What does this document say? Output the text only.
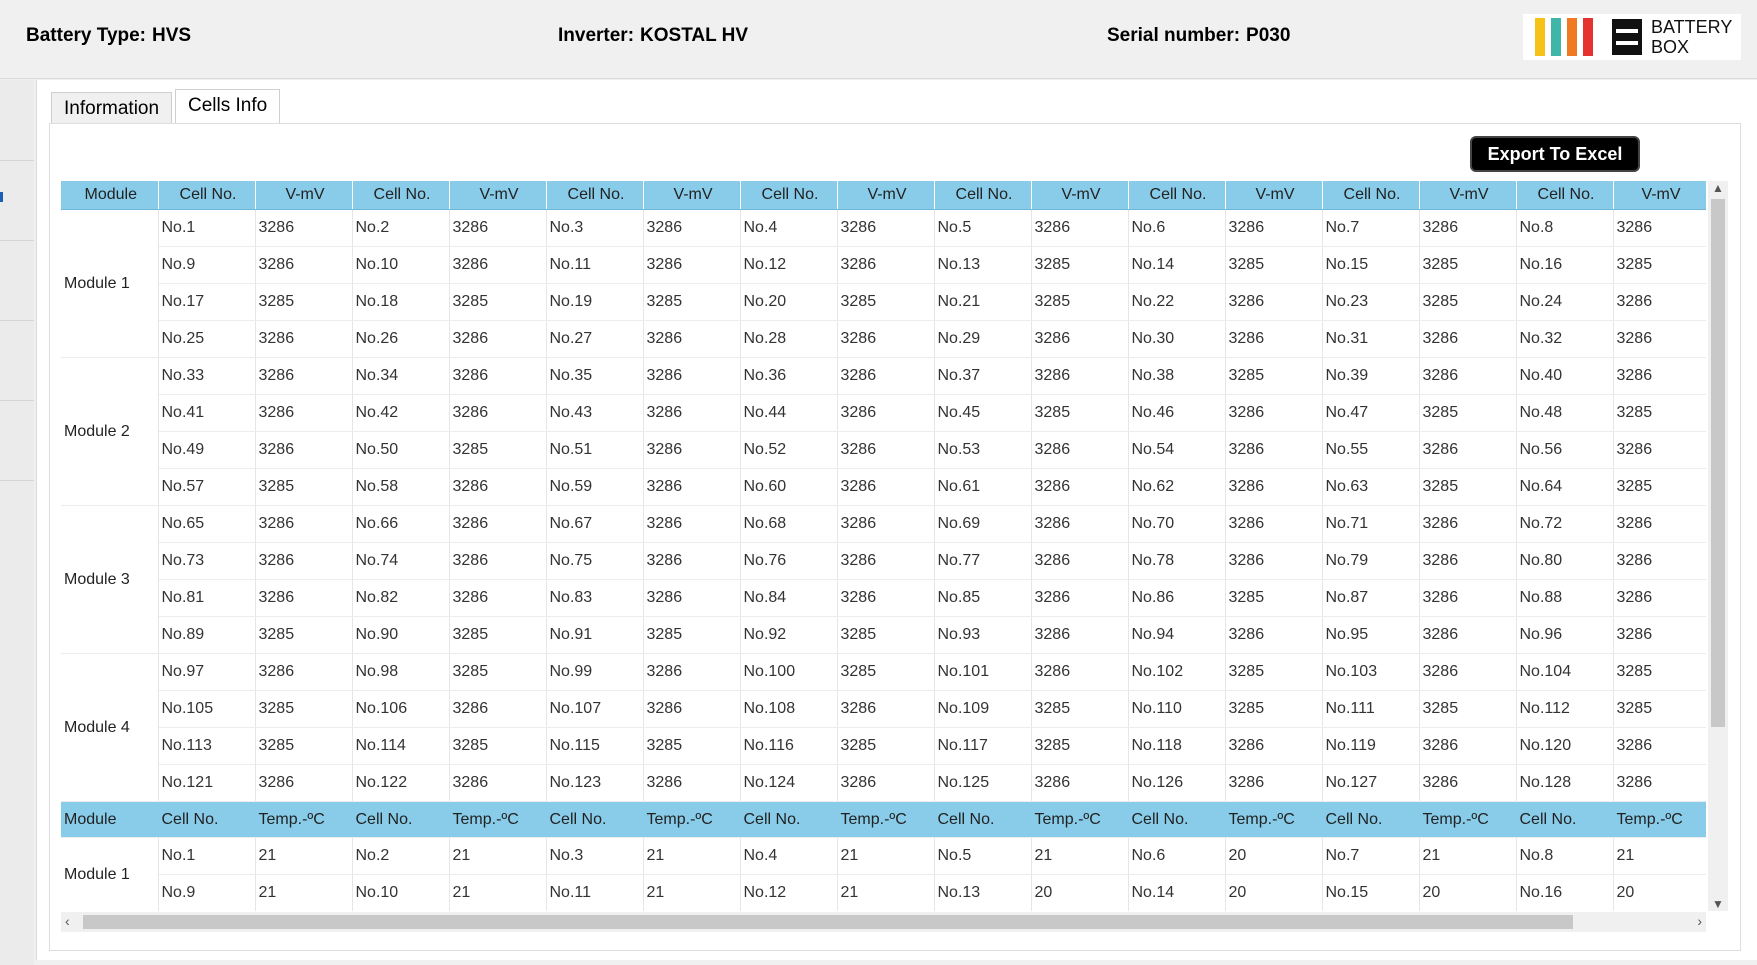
Battery Type: HVS	Inverter: KOSTAL HV	Serial number: P030	BATTERY
BOX
Information	Cells Info
Export To Excel
Module	Cell No.	V-mV	Cell No.	V-mV	Cell No.	V-mV	Cell No.	V-mV	Cell No.	V-mV	Cell No.	V-mV	Cell No.	V-mV	Cell No.	V-mV
Module 1	No.1	3286	No.2	3286	No.3	3286	No.4	3286	No.5	3286	No.6	3286	No.7	3286	No.8	3286
	No.9	3286	No.10	3286	No.11	3286	No.12	3286	No.13	3285	No.14	3285	No.15	3285	No.16	3285
	No.17	3285	No.18	3285	No.19	3285	No.20	3285	No.21	3285	No.22	3286	No.23	3285	No.24	3286
	No.25	3286	No.26	3286	No.27	3286	No.28	3286	No.29	3286	No.30	3286	No.31	3286	No.32	3286
Module 2	No.33	3286	No.34	3286	No.35	3286	No.36	3286	No.37	3286	No.38	3285	No.39	3286	No.40	3286
	No.41	3286	No.42	3286	No.43	3286	No.44	3286	No.45	3285	No.46	3286	No.47	3285	No.48	3285
	No.49	3286	No.50	3285	No.51	3286	No.52	3286	No.53	3286	No.54	3286	No.55	3286	No.56	3286
	No.57	3285	No.58	3286	No.59	3286	No.60	3286	No.61	3286	No.62	3286	No.63	3285	No.64	3285
Module 3	No.65	3286	No.66	3286	No.67	3286	No.68	3286	No.69	3286	No.70	3286	No.71	3286	No.72	3286
	No.73	3286	No.74	3286	No.75	3286	No.76	3286	No.77	3286	No.78	3286	No.79	3286	No.80	3286
	No.81	3286	No.82	3286	No.83	3286	No.84	3286	No.85	3286	No.86	3285	No.87	3286	No.88	3286
	No.89	3285	No.90	3285	No.91	3285	No.92	3285	No.93	3286	No.94	3286	No.95	3286	No.96	3286
Module 4	No.97	3286	No.98	3285	No.99	3286	No.100	3285	No.101	3286	No.102	3285	No.103	3286	No.104	3285
	No.105	3285	No.106	3286	No.107	3286	No.108	3286	No.109	3285	No.110	3285	No.111	3285	No.112	3285
	No.113	3285	No.114	3285	No.115	3285	No.116	3285	No.117	3285	No.118	3286	No.119	3286	No.120	3286
	No.121	3286	No.122	3286	No.123	3286	No.124	3286	No.125	3286	No.126	3286	No.127	3286	No.128	3286
Module	Cell No.	Temp.-ºC	Cell No.	Temp.-ºC	Cell No.	Temp.-ºC	Cell No.	Temp.-ºC	Cell No.	Temp.-ºC	Cell No.	Temp.-ºC	Cell No.	Temp.-ºC	Cell No.	Temp.-ºC
Module 1	No.1	21	No.2	21	No.3	21	No.4	21	No.5	21	No.6	20	No.7	21	No.8	21
	No.9	21	No.10	21	No.11	21	No.12	21	No.13	20	No.14	20	No.15	20	No.16	20
▲
▼
‹	›
